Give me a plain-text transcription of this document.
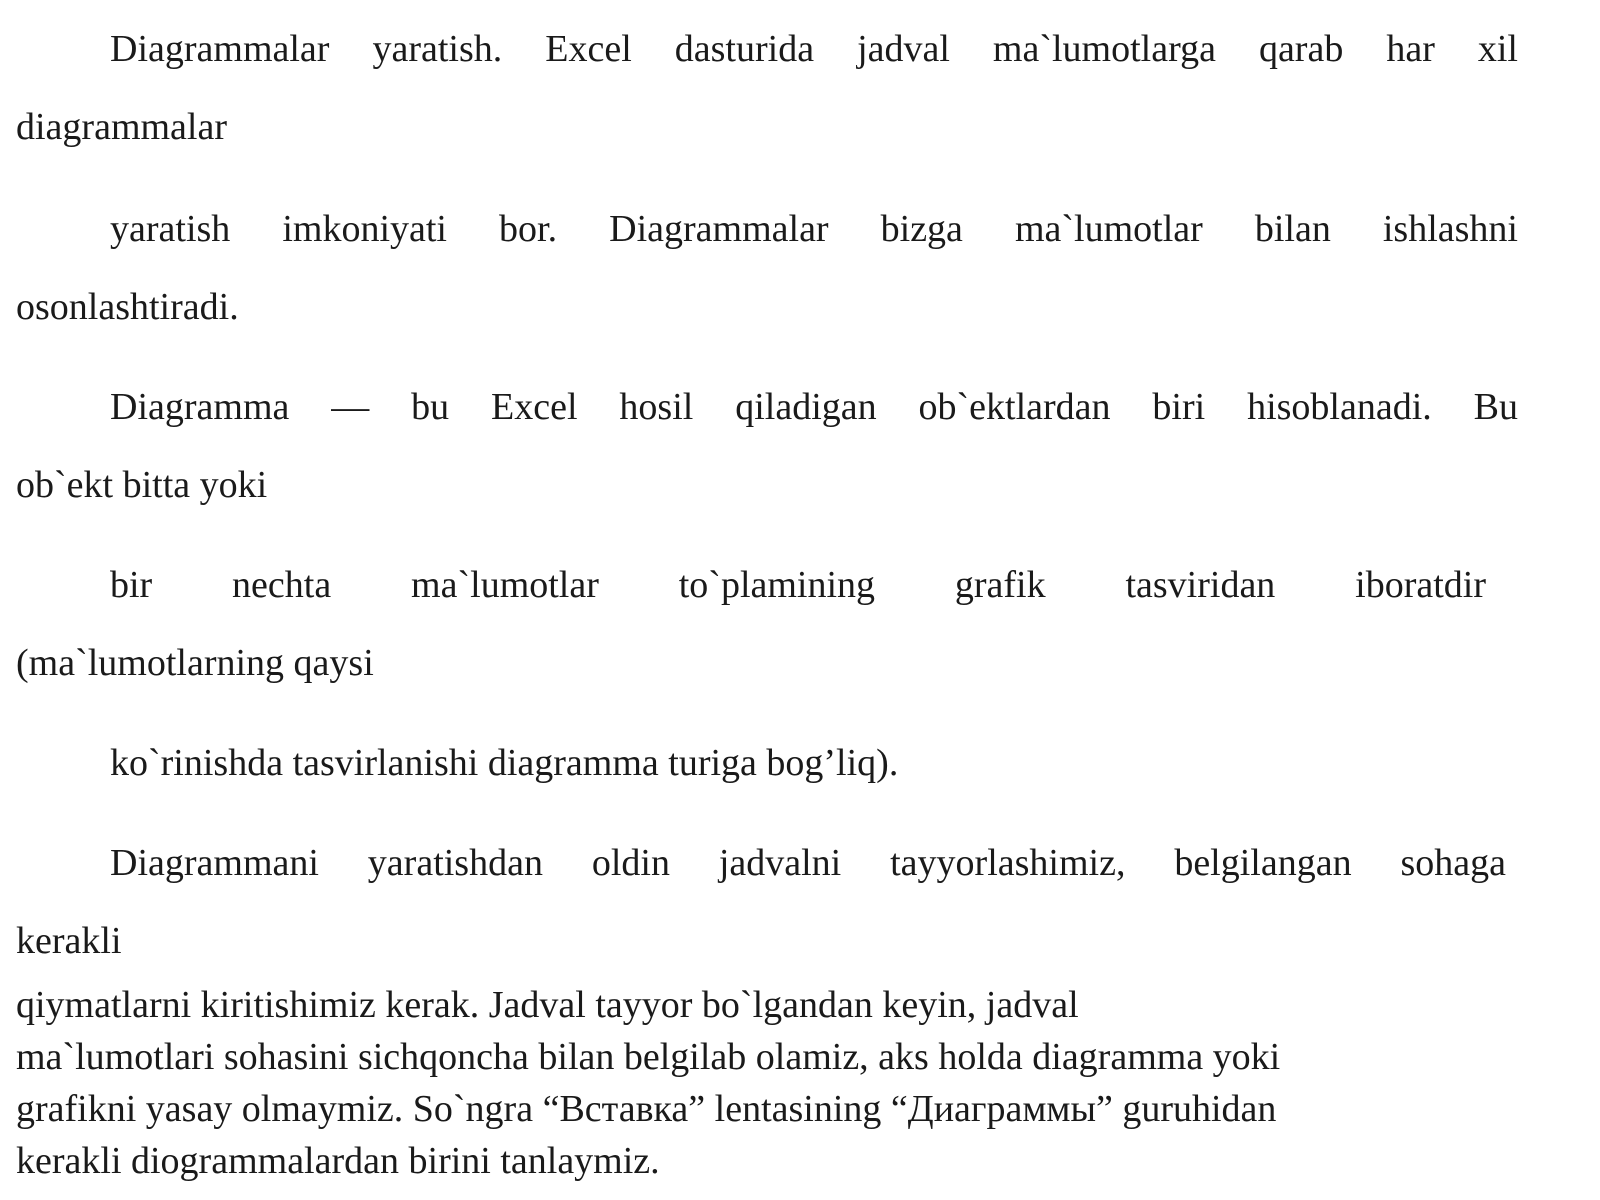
Diagrammalar yaratish. Excel dasturida jadval ma`lumotlarga qarab har xil
diagrammalar
yaratish imkoniyati bor. Diagrammalar bizga ma`lumotlar bilan ishlashni
osonlashtiradi.
Diagramma — bu Excel hosil qiladigan ob`ektlardan biri hisoblanadi. Bu
ob`ekt bitta yoki
bir nechta ma`lumotlar to`plamining grafik tasviridan iboratdir
(ma`lumotlarning qaysi
ko`rinishda tasvirlanishi diagramma turiga bog’liq).
Diagrammani yaratishdan oldin jadvalni tayyorlashimiz, belgilangan sohaga
kerakli
qiymatlarni kiritishimiz kerak. Jadval tayyor bo`lgandan keyin, jadval
ma`lumotlari sohasini sichqoncha bilan belgilab olamiz, aks holda diagramma yoki
grafikni yasay olmaymiz. So`ngra “Вставка” lentasining “Диаграммы” guruhidan
kerakli diogrammalardan birini tanlaymiz.
